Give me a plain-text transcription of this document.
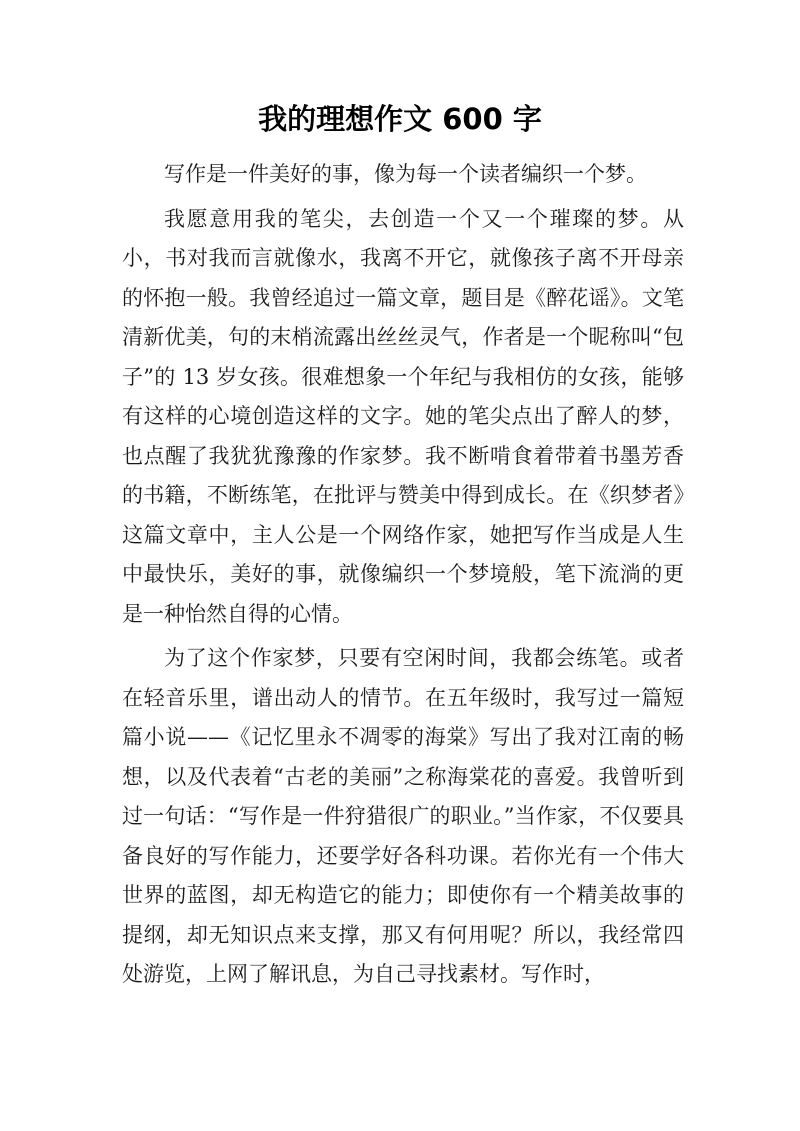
我的理想作文 600 字

写作是一件美好的事，像为每一个读者编织一个梦。

我愿意用我的笔尖，去创造一个又一个璀璨的梦。从小，书对我而言就像水，我离不开它，就像孩子离不开母亲的怀抱一般。我曾经追过一篇文章，题目是《醉花谣》。文笔清新优美，句的末梢流露出丝丝灵气，作者是一个昵称叫“包子”的 13 岁女孩。很难想象一个年纪与我相仿的女孩，能够有这样的心境创造这样的文字。她的笔尖点出了醉人的梦，也点醒了我犹犹豫豫的作家梦。我不断啃食着带着书墨芳香的书籍，不断练笔，在批评与赞美中得到成长。在《织梦者》这篇文章中，主人公是一个网络作家，她把写作当成是人生中最快乐，美好的事，就像编织一个梦境般，笔下流淌的更是一种怡然自得的心情。

为了这个作家梦，只要有空闲时间，我都会练笔。或者在轻音乐里，谱出动人的情节。在五年级时，我写过一篇短篇小说——《记忆里永不凋零的海棠》写出了我对江南的畅想，以及代表着“古老的美丽”之称海棠花的喜爱。我曾听到过一句话：“写作是一件狩猎很广的职业。”当作家，不仅要具备良好的写作能力，还要学好各科功课。若你光有一个伟大世界的蓝图，却无构造它的能力；即使你有一个精美故事的提纲，却无知识点来支撑，那又有何用呢？所以，我经常四处游览，上网了解讯息，为自己寻找素材。写作时，
